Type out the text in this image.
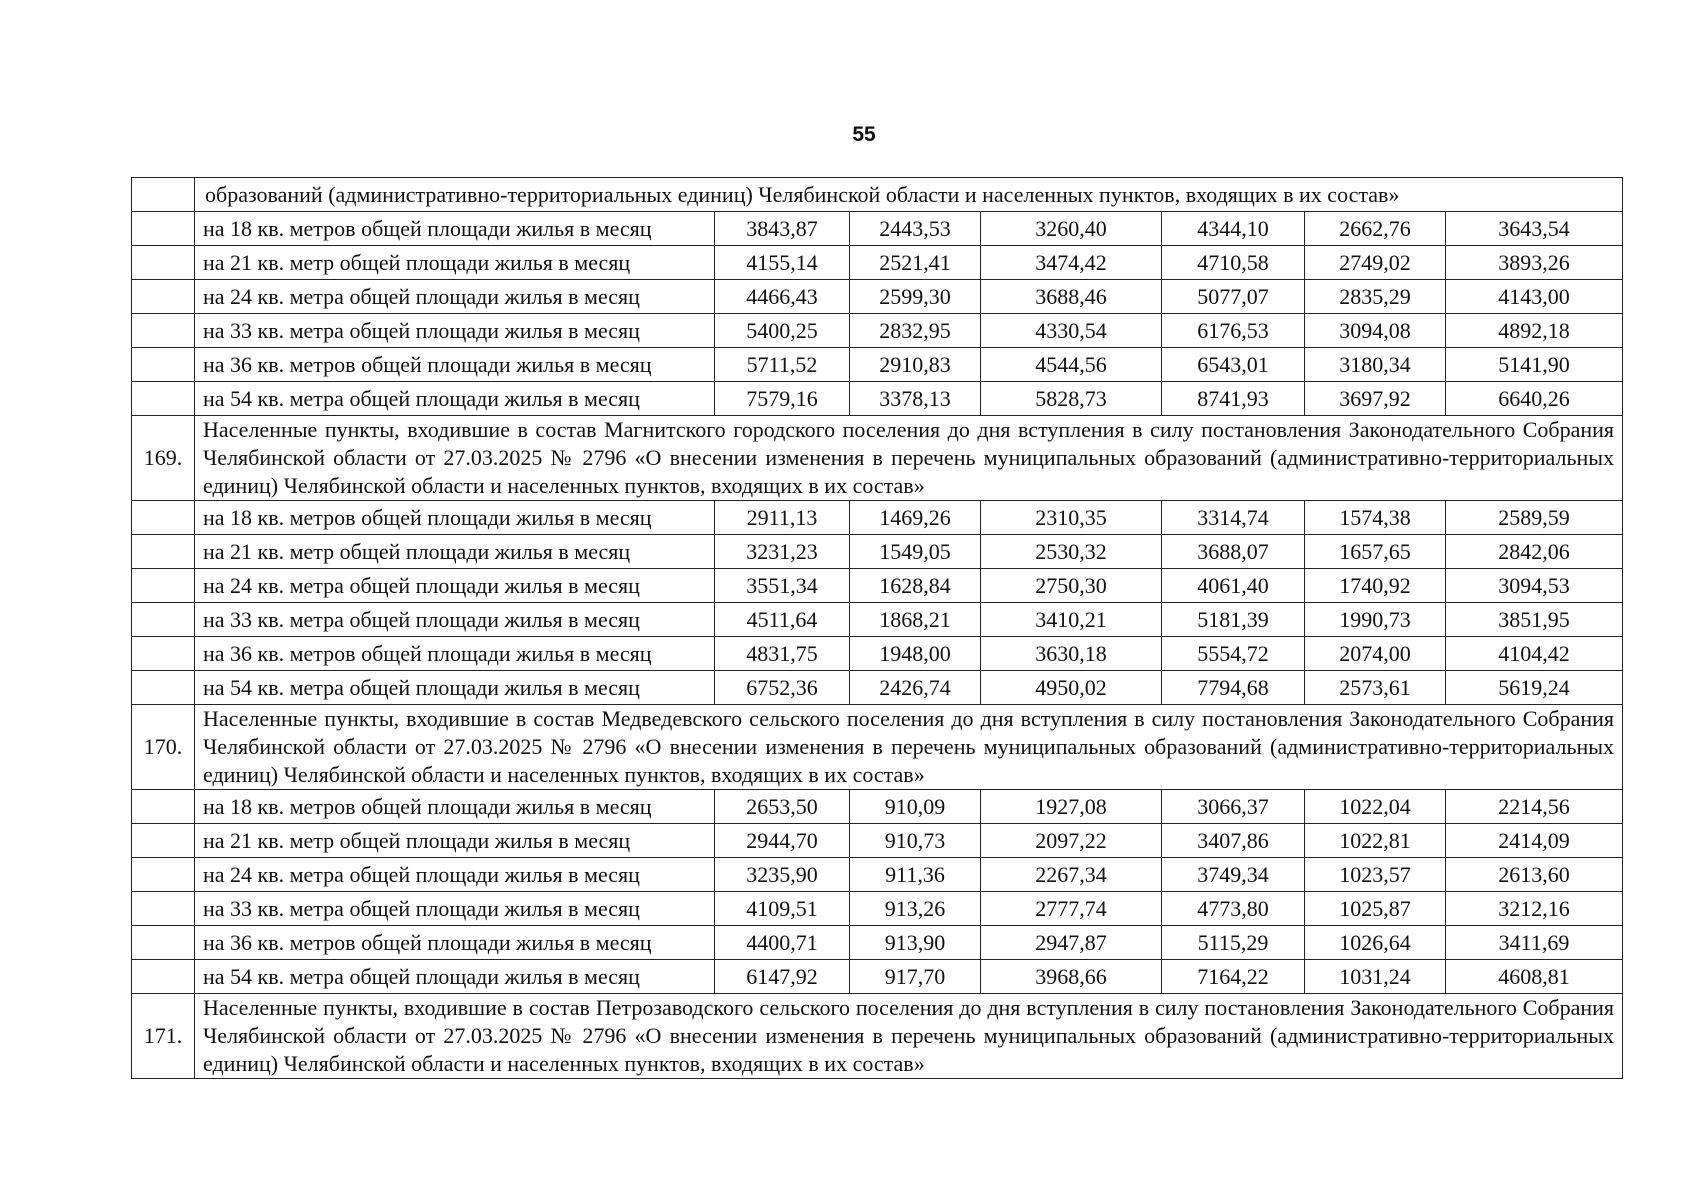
55
	образований (административно-территориальных единиц) Челябинской области и населенных пунктов, входящих в их состав»						
	на 18 кв. метров общей площади жилья в месяц	3843,87	2443,53	3260,40	4344,10	2662,76	3643,54
	на 21 кв. метр общей площади жилья в месяц	4155,14	2521,41	3474,42	4710,58	2749,02	3893,26
	на 24 кв. метра общей площади жилья в месяц	4466,43	2599,30	3688,46	5077,07	2835,29	4143,00
	на 33 кв. метра общей площади жилья в месяц	5400,25	2832,95	4330,54	6176,53	3094,08	4892,18
	на 36 кв. метров общей площади жилья в месяц	5711,52	2910,83	4544,56	6543,01	3180,34	5141,90
	на 54 кв. метра общей площади жилья в месяц	7579,16	3378,13	5828,73	8741,93	3697,92	6640,26
169.	Населенные пункты, входившие в состав Магнитского городского поселения до дня вступления в силу постановления Законодательного Собрания Челябинской области от 27.03.2025 № 2796 «О внесении изменения в перечень муниципальных образований (административно-территориальных единиц) Челябинской области и населенных пунктов, входящих в их состав»						
	на 18 кв. метров общей площади жилья в месяц	2911,13	1469,26	2310,35	3314,74	1574,38	2589,59
	на 21 кв. метр общей площади жилья в месяц	3231,23	1549,05	2530,32	3688,07	1657,65	2842,06
	на 24 кв. метра общей площади жилья в месяц	3551,34	1628,84	2750,30	4061,40	1740,92	3094,53
	на 33 кв. метра общей площади жилья в месяц	4511,64	1868,21	3410,21	5181,39	1990,73	3851,95
	на 36 кв. метров общей площади жилья в месяц	4831,75	1948,00	3630,18	5554,72	2074,00	4104,42
	на 54 кв. метра общей площади жилья в месяц	6752,36	2426,74	4950,02	7794,68	2573,61	5619,24
170.	Населенные пункты, входившие в состав Медведевского сельского поселения до дня вступления в силу постановления Законодательного Собрания Челябинской области от 27.03.2025 № 2796 «О внесении изменения в перечень муниципальных образований (административно-территориальных единиц) Челябинской области и населенных пунктов, входящих в их состав»						
	на 18 кв. метров общей площади жилья в месяц	2653,50	910,09	1927,08	3066,37	1022,04	2214,56
	на 21 кв. метр общей площади жилья в месяц	2944,70	910,73	2097,22	3407,86	1022,81	2414,09
	на 24 кв. метра общей площади жилья в месяц	3235,90	911,36	2267,34	3749,34	1023,57	2613,60
	на 33 кв. метра общей площади жилья в месяц	4109,51	913,26	2777,74	4773,80	1025,87	3212,16
	на 36 кв. метров общей площади жилья в месяц	4400,71	913,90	2947,87	5115,29	1026,64	3411,69
	на 54 кв. метра общей площади жилья в месяц	6147,92	917,70	3968,66	7164,22	1031,24	4608,81
171.	Населенные пункты, входившие в состав Петрозаводского сельского поселения до дня вступления в силу постановления Законодательного Собрания Челябинской области от 27.03.2025 № 2796 «О внесении изменения в перечень муниципальных образований (административно-территориальных единиц) Челябинской области и населенных пунктов, входящих в их состав»						
